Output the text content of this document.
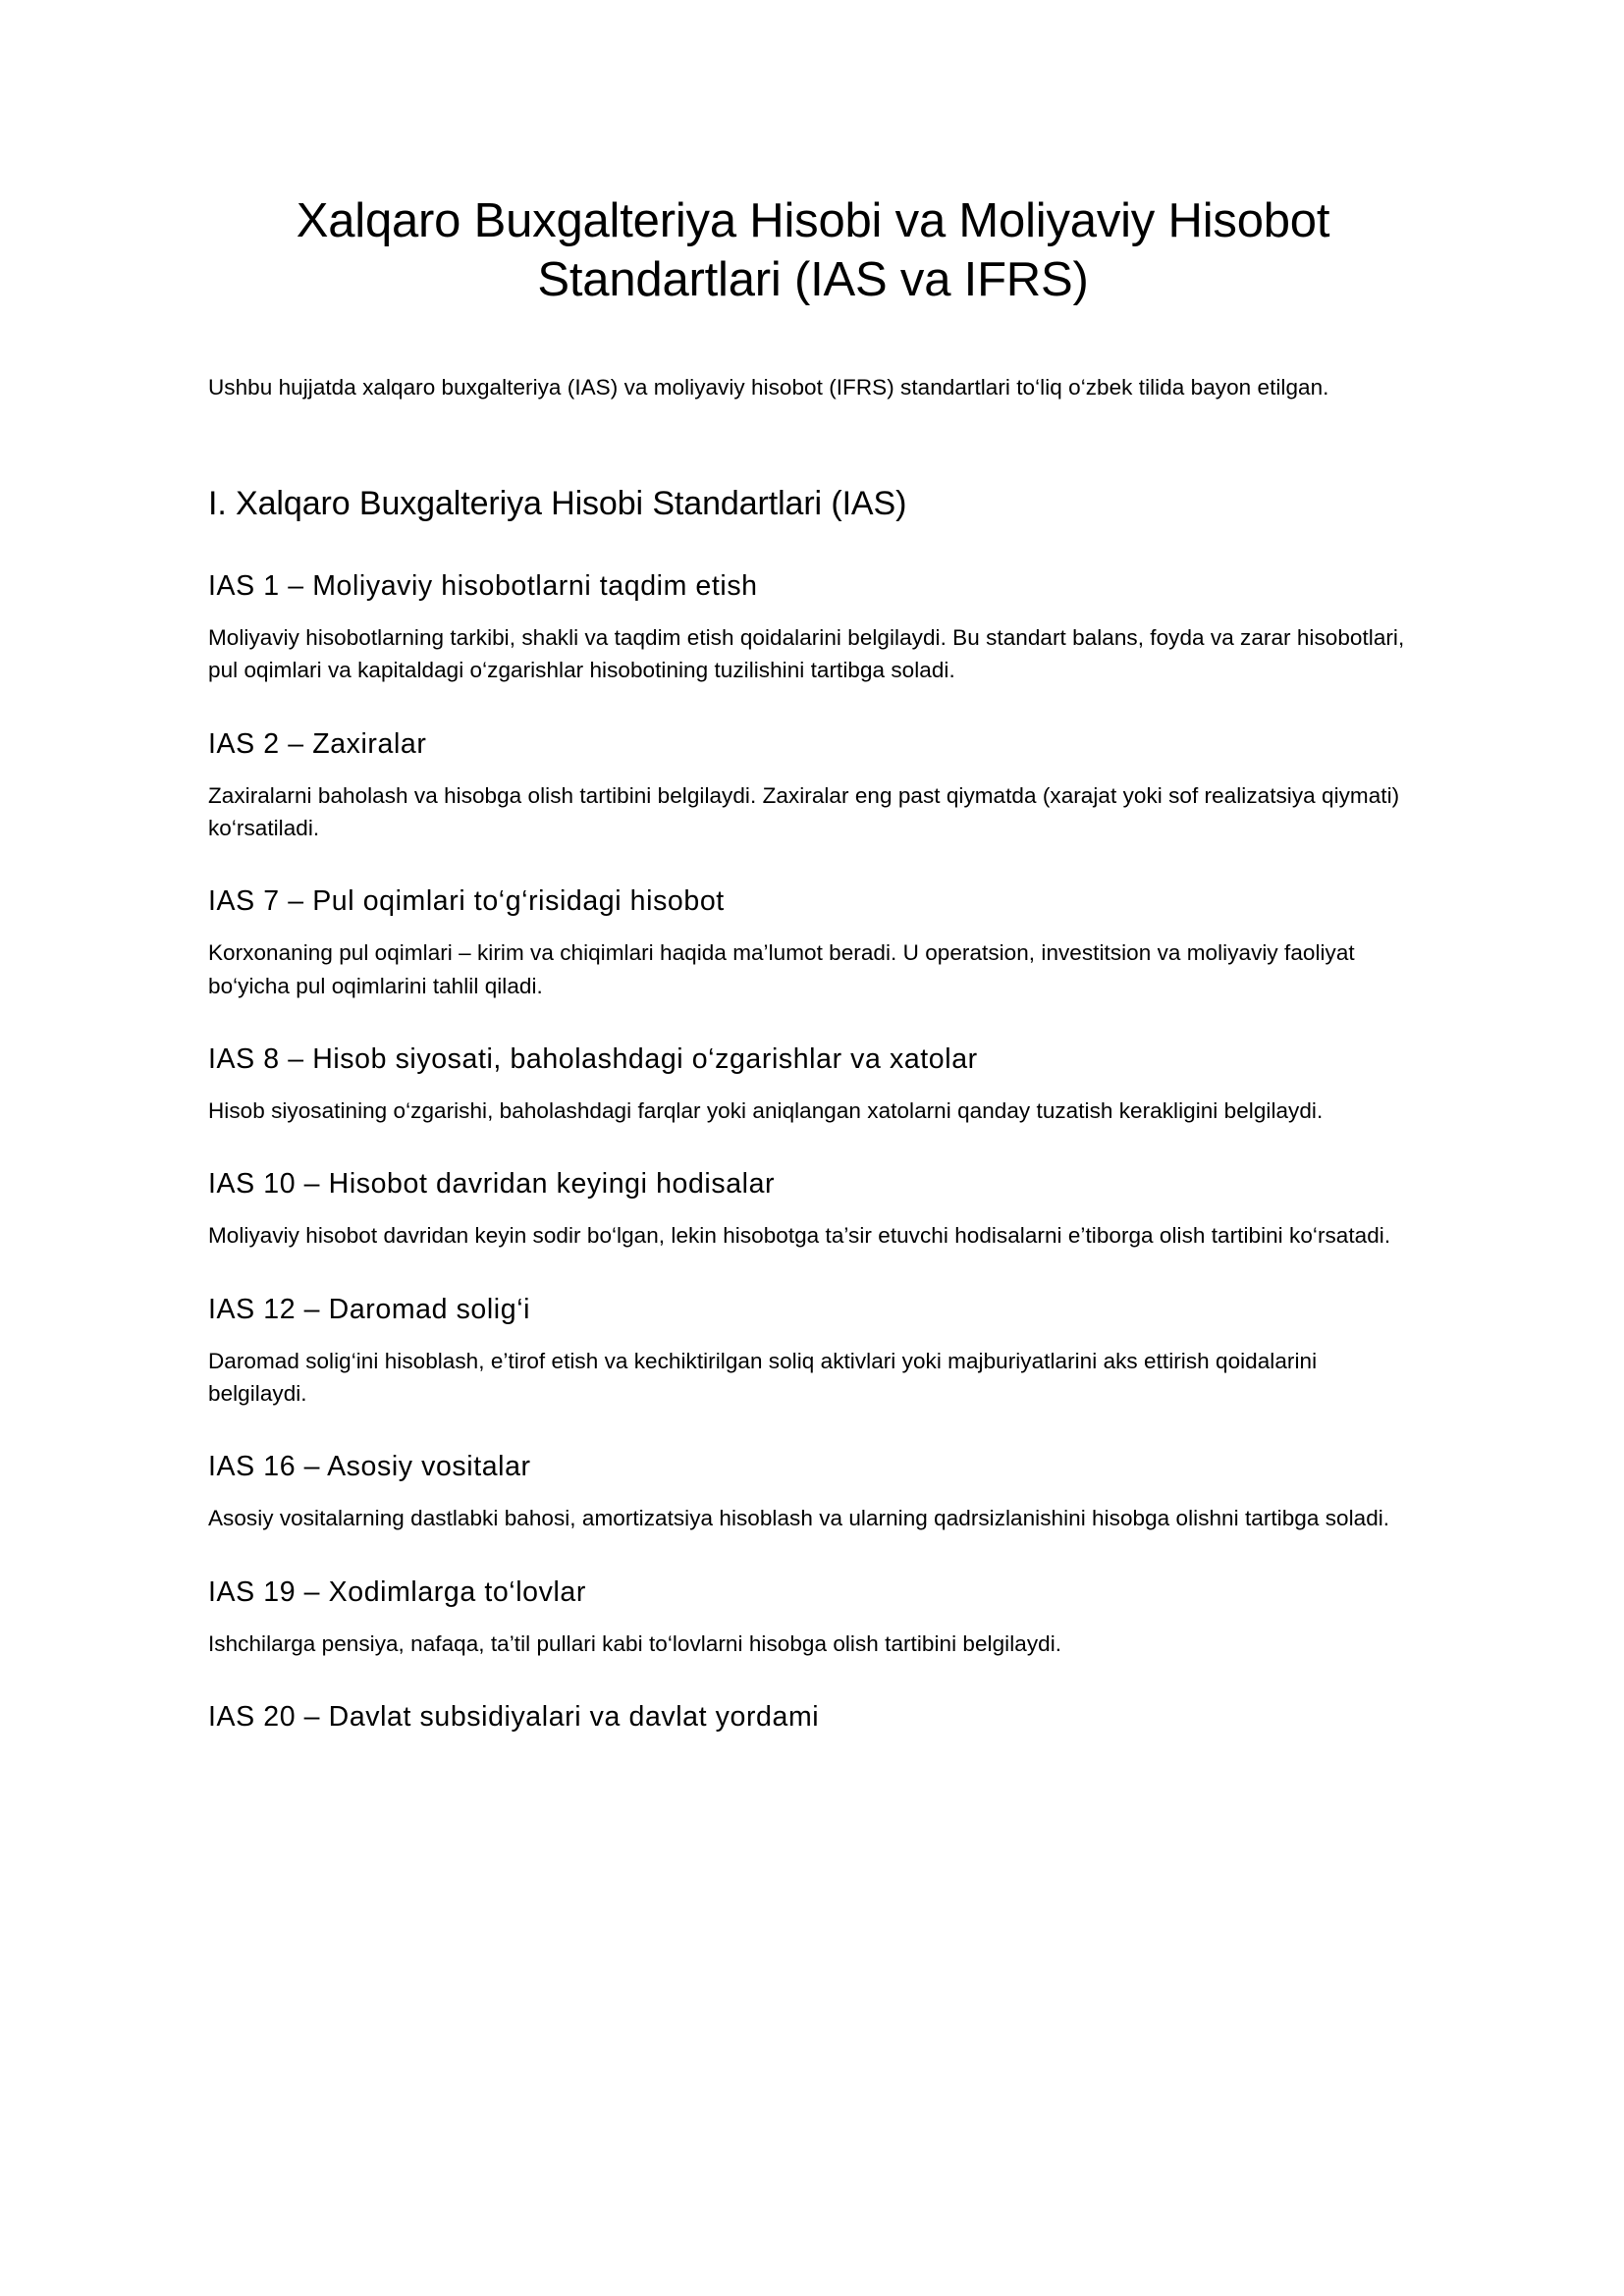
Xalqaro Buxgalteriya Hisobi va Moliyaviy Hisobot Standartlari (IAS va IFRS)

Ushbu hujjatda xalqaro buxgalteriya (IAS) va moliyaviy hisobot (IFRS) standartlari to‘liq o‘zbek tilida bayon etilgan.

I. Xalqaro Buxgalteriya Hisobi Standartlari (IAS)
IAS 1 – Moliyaviy hisobotlarni taqdim etish

Moliyaviy hisobotlarning tarkibi, shakli va taqdim etish qoidalarini belgilaydi. Bu standart balans, foyda va zarar hisobotlari, pul oqimlari va kapitaldagi o‘zgarishlar hisobotining tuzilishini tartibga soladi.

IAS 2 – Zaxiralar

Zaxiralarni baholash va hisobga olish tartibini belgilaydi. Zaxiralar eng past qiymatda (xarajat yoki sof realizatsiya qiymati) ko‘rsatiladi.

IAS 7 – Pul oqimlari to‘g‘risidagi hisobot

Korxonaning pul oqimlari – kirim va chiqimlari haqida ma’lumot beradi. U operatsion, investitsion va moliyaviy faoliyat bo‘yicha pul oqimlarini tahlil qiladi.

IAS 8 – Hisob siyosati, baholashdagi o‘zgarishlar va xatolar

Hisob siyosatining o‘zgarishi, baholashdagi farqlar yoki aniqlangan xatolarni qanday tuzatish kerakligini belgilaydi.

IAS 10 – Hisobot davridan keyingi hodisalar

Moliyaviy hisobot davridan keyin sodir bo‘lgan, lekin hisobotga ta’sir etuvchi hodisalarni e’tiborga olish tartibini ko‘rsatadi.

IAS 12 – Daromad solig‘i

Daromad solig‘ini hisoblash, e’tirof etish va kechiktirilgan soliq aktivlari yoki majburiyatlarini aks ettirish qoidalarini belgilaydi.

IAS 16 – Asosiy vositalar

Asosiy vositalarning dastlabki bahosi, amortizatsiya hisoblash va ularning qadrsizlanishini hisobga olishni tartibga soladi.

IAS 19 – Xodimlarga to‘lovlar

Ishchilarga pensiya, nafaqa, ta’til pullari kabi to‘lovlarni hisobga olish tartibini belgilaydi.

IAS 20 – Davlat subsidiyalari va davlat yordami
